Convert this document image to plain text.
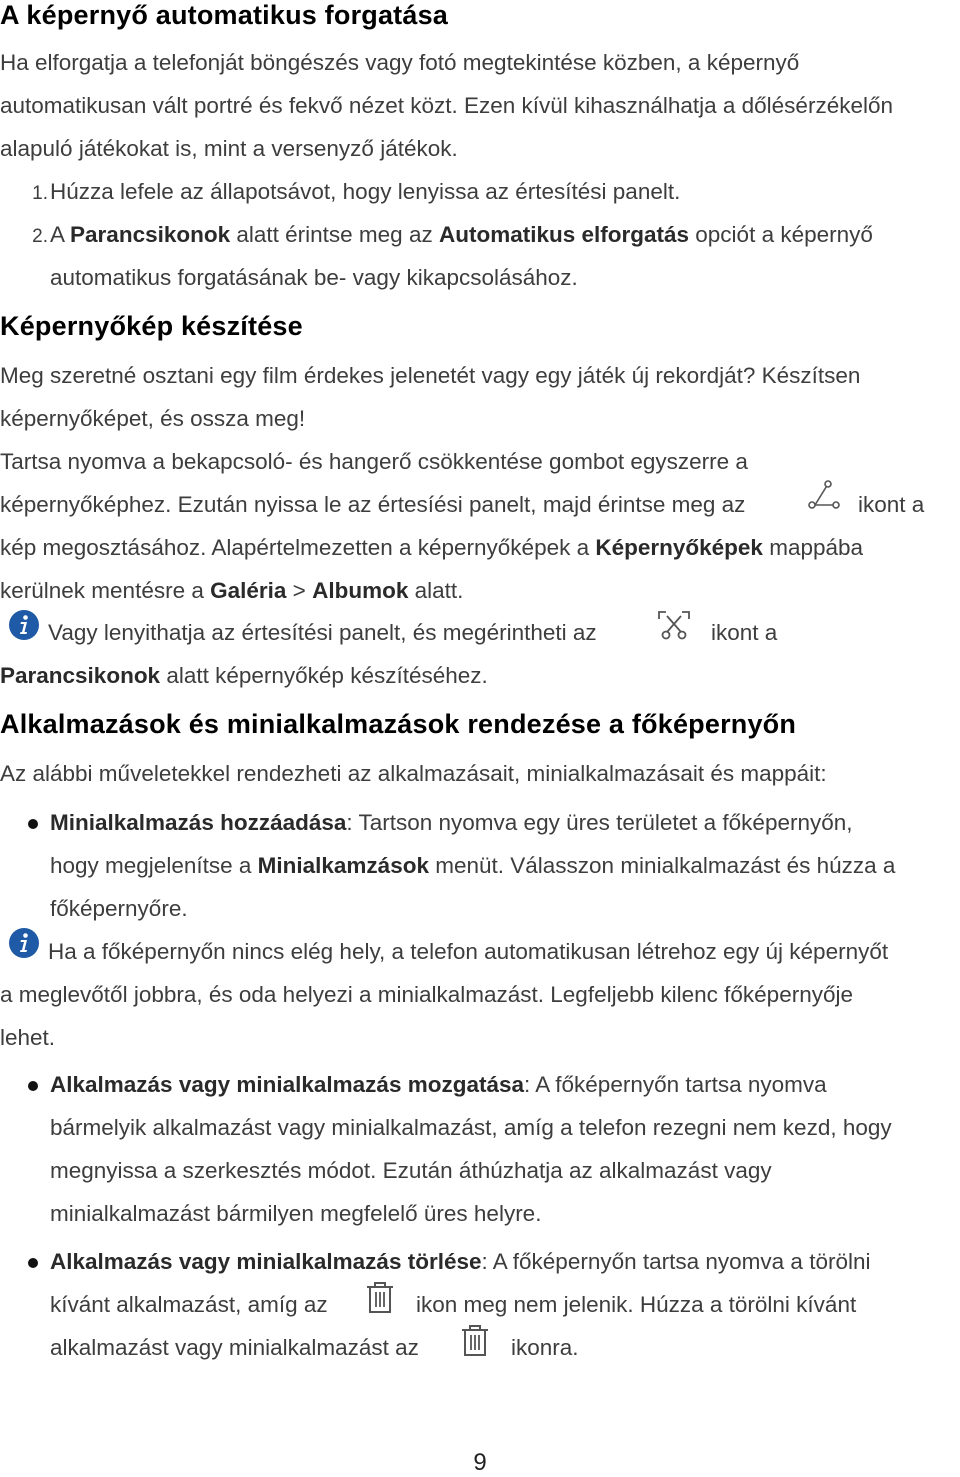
A képernyő automatikus forgatása
Ha elforgatja a telefonját böngészés vagy fotó megtekintése közben, a képernyő
automatikusan vált portré és fekvő nézet közt. Ezen kívül kihasználhatja a dőlésérzékelőn
alapuló játékokat is, mint a versenyző játékok.
1.Húzza lefele az állapotsávot, hogy lenyissa az értesítési panelt.
2.A Parancsikonok alatt érintse meg az Automatikus elforgatás opciót a képernyő
automatikus forgatásának be- vagy kikapcsolásához.
Képernyőkép készítése
Meg szeretné osztani egy film érdekes jelenetét vagy egy játék új rekordját? Készítsen
képernyőképet, és ossza meg!
Tartsa nyomva a bekapcsoló- és hangerő csökkentése gombot egyszerre a
képernyőképhez. Ezután nyissa le az értesíési panelt, majd érintse meg az	ikont a
kép megosztásához. Alapértelmezetten a képernyőképek a Képernyőképek mappába
kerülnek mentésre a Galéria > Albumok alatt.
Vagy lenyithatja az értesítési panelt, és megérintheti az	ikont a
Parancsikonok alatt képernyőkép készítéséhez.
Alkalmazások és minialkalmazások rendezése a főképernyőn
Az alábbi műveletekkel rendezheti az alkalmazásait, minialkalmazásait és mappáit:
Minialkalmazás hozzáadása: Tartson nyomva egy üres területet a főképernyőn,
hogy megjelenítse a Minialkamzások menüt. Válasszon minialkalmazást és húzza a
főképernyőre.
Ha a főképernyőn nincs elég hely, a telefon automatikusan létrehoz egy új képernyőt
a meglevőtől jobbra, és oda helyezi a minialkalmazást. Legfeljebb kilenc főképernyője
lehet.
Alkalmazás vagy minialkalmazás mozgatása: A főképernyőn tartsa nyomva
bármelyik alkalmazást vagy minialkalmazást, amíg a telefon rezegni nem kezd, hogy
megnyissa a szerkesztés módot. Ezután áthúzhatja az alkalmazást vagy
minialkalmazást bármilyen megfelelő üres helyre.
Alkalmazás vagy minialkalmazás törlése: A főképernyőn tartsa nyomva a törölni
kívánt alkalmazást, amíg az	ikon meg nem jelenik. Húzza a törölni kívánt
alkalmazást vagy minialkalmazást az	ikonra.
9
